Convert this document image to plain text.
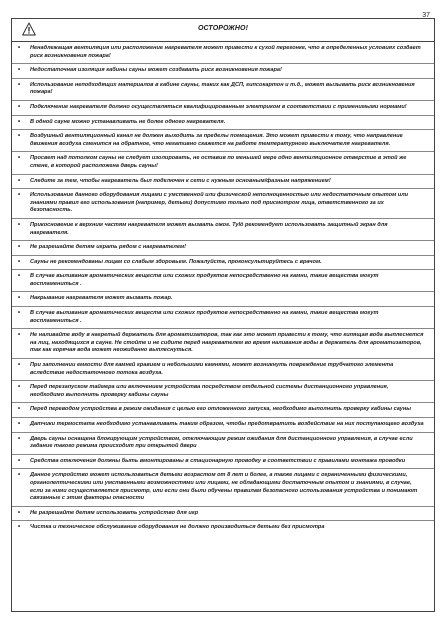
37
ОСТОРОЖНО!
• Ненадлежащая вентиляция или расположение нагревателя может привести к сухой перегонке, что в определенных условиях создает риск возникновения пожара!
• Недостаточная изоляция кабины сауны может создавать риск возникновения пожара!
• Использование неподходящих материалов в кабине сауны, таких как ДСП, гипсокартон и т.д., может вызывать риск возникновения пожара!
• Подключение нагревателя должно осуществляться квалифицированным электриком в соответствии с применимыми нормами!
• В одной сауне можно устанавливать не более одного нагревателя.
• Воздушный вентиляционный канал не должен выходить за пределы помещения. Это может привести к тому, что направление движения воздуха сменится на обратное, что негативно скажется на работе температурного выключателя нагревателя.
• Просвет над потолком сауны не следует изолировать, не оставив по меньшей мере одно вентиляционное отверстие в этой же стене, в которой расположена дверь сауны!
• Следите за тем, чтобы нагреватель был подключен к сети с нужным основным/фазным напряжением!
• Использование данного оборудования лицами с умственной или физической неполноценностью или недостаточным опытом или знаниями правил его использования (например, детьми) допустимо только под присмотром лица, ответственного за их безопасность.
• Прикосновение к верхним частям нагревателя может вызвать ожог. Tylö рекомендует использовать защитный экран для нагревателя.
• Не разрешайте детям играть рядом с нагревателем!
• Сауны не рекомендованы лицам со слабым здоровьем. Пожалуйста, проконсультируйтесь с врачом.
• В случае выливания ароматических веществ или схожих продуктов непосредственно на камни, такие вещества могут воспламениться .
• Накрывание нагревателя может вызвать пожар.
• В случае выливания ароматических веществ или схожих продуктов непосредственно на камни, такие вещества могут воспламениться .
• Не наливайте воду в нагретый держатель для ароматизаторов, так как это может привести к тому, что кипящая вода выплеснется на лиц, находящихся в сауне. Не стойте и не сидите перед нагревателем во время наливания воды в держатель для ароматизаторов, так как горячая вода может неожиданно выплеснуться.
• При заполнении емкости для камней гравием и небольшими камнями, может возникнуть повреждение трубчатого элемента вследствие недостаточного потока воздуха.
• Перед перезапуском таймера или включением устройства посредством отдельной системы дистанционного управления, необходимо выполнить проверку кабины сауны
• Перед переводом устройства в режим ожидания с целью его отложенного запуска, необходимо выполнить проверку кабины сауны
• Датчики термостата необходимо устанавливать таким образом, чтобы предотвратить воздействие на них поступающего воздуха
• Дверь сауны оснащена блокирующим устройством, отключающим режим ожидания для дистанционного управления, в случае если задание такого режима происходит при открытой двери
• Средства отключения должны быть вмонтированы в стационарную проводку в соответствии с правилами монтажа проводки
• Данное устройство может использоваться детьми возрастом от 8 лет и более, а также лицами с ограниченными физическими, органолептическими или умственными возможностями или лицами, не обладающими достаточным опытом и знаниями, в случае, если за ними осуществляется присмотр, или если они были обучены правилам безопасного использования устройства и понимают связанные с этим факторы опасности
• Не разрешайте детям использовать устройство для игр
• Чистка и техническое обслуживание оборудования не должно производиться детьми без присмотра
